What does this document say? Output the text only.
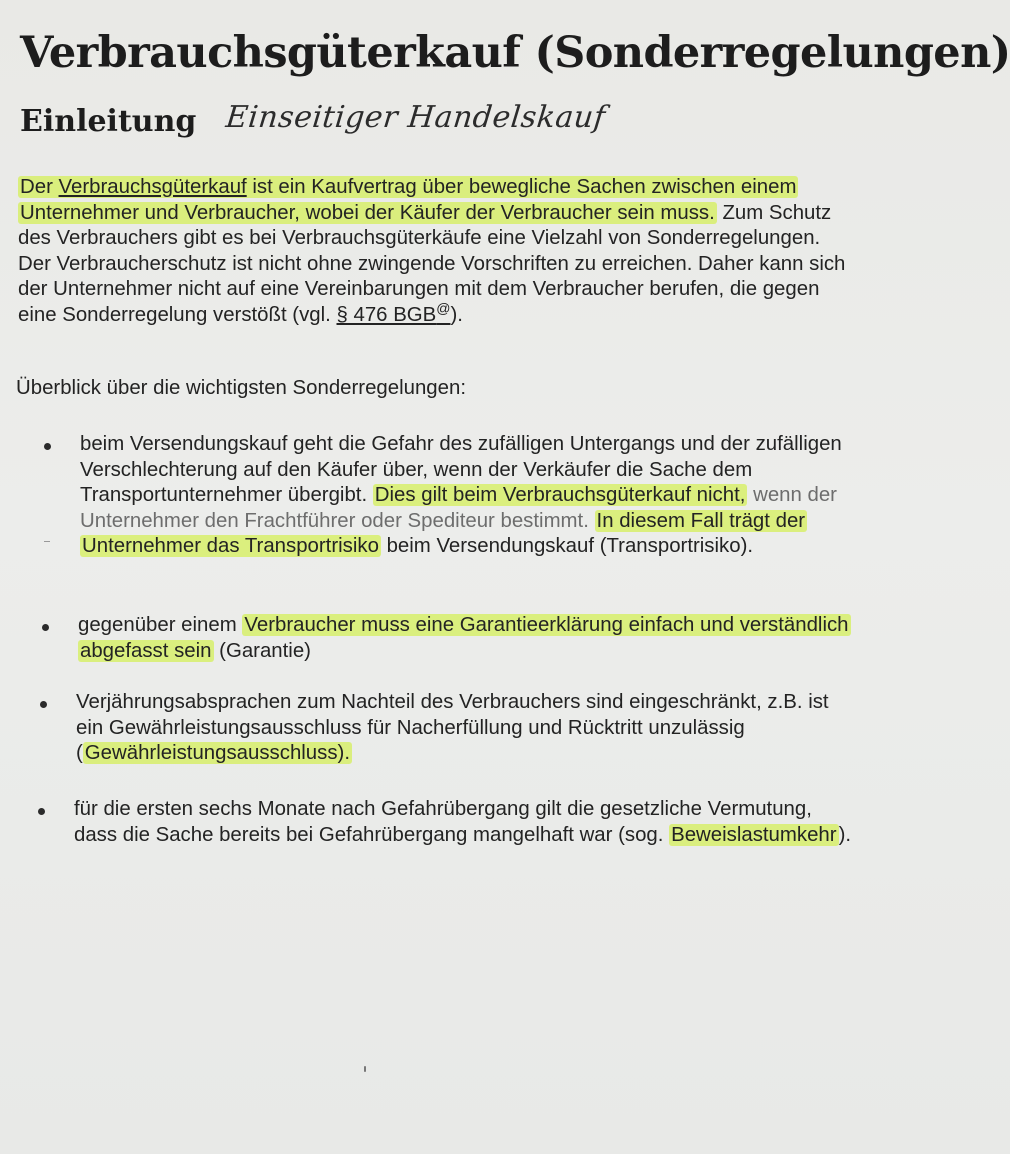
Verbrauchsgüterkauf (Sonderregelungen)
Einleitung Einseitiger Handelskauf

Der Verbrauchsgüterkauf ist ein Kaufvertrag über bewegliche Sachen zwischen einem Unternehmer und Verbraucher, wobei der Käufer der Verbraucher sein muss. Zum Schutz des Verbrauchers gibt es bei Verbrauchsgüterkäufe eine Vielzahl von Sonderregelungen.

Der Verbraucherschutz ist nicht ohne zwingende Vorschriften zu erreichen. Daher kann sich der Unternehmer nicht auf eine Vereinbarungen mit dem Verbraucher berufen, die gegen eine Sonderregelung verstößt (vgl. § 476 BGB@).

Überblick über die wichtigsten Sonderregelungen:
beim Versendungskauf geht die Gefahr des zufälligen Untergangs und der zufälligen Verschlechterung auf den Käufer über, wenn der Verkäufer die Sache dem Transportunternehmer übergibt. Dies gilt beim Verbrauchsgüterkauf nicht, wenn der Unternehmer den Frachtführer oder Spediteur bestimmt. In diesem Fall trägt der Unternehmer das Transportrisiko beim Versendungskauf (Transportrisiko).
gegenüber einem Verbraucher muss eine Garantieerklärung einfach und verständlich abgefasst sein (Garantie)
Verjährungsabsprachen zum Nachteil des Verbrauchers sind eingeschränkt, z.B. ist ein Gewährleistungsausschluss für Nacherfüllung und Rücktritt unzulässig (Gewährleistungsausschluss).
für die ersten sechs Monate nach Gefahrübergang gilt die gesetzliche Vermutung, dass die Sache bereits bei Gefahrübergang mangelhaft war (sog. Beweislastumkehr).
